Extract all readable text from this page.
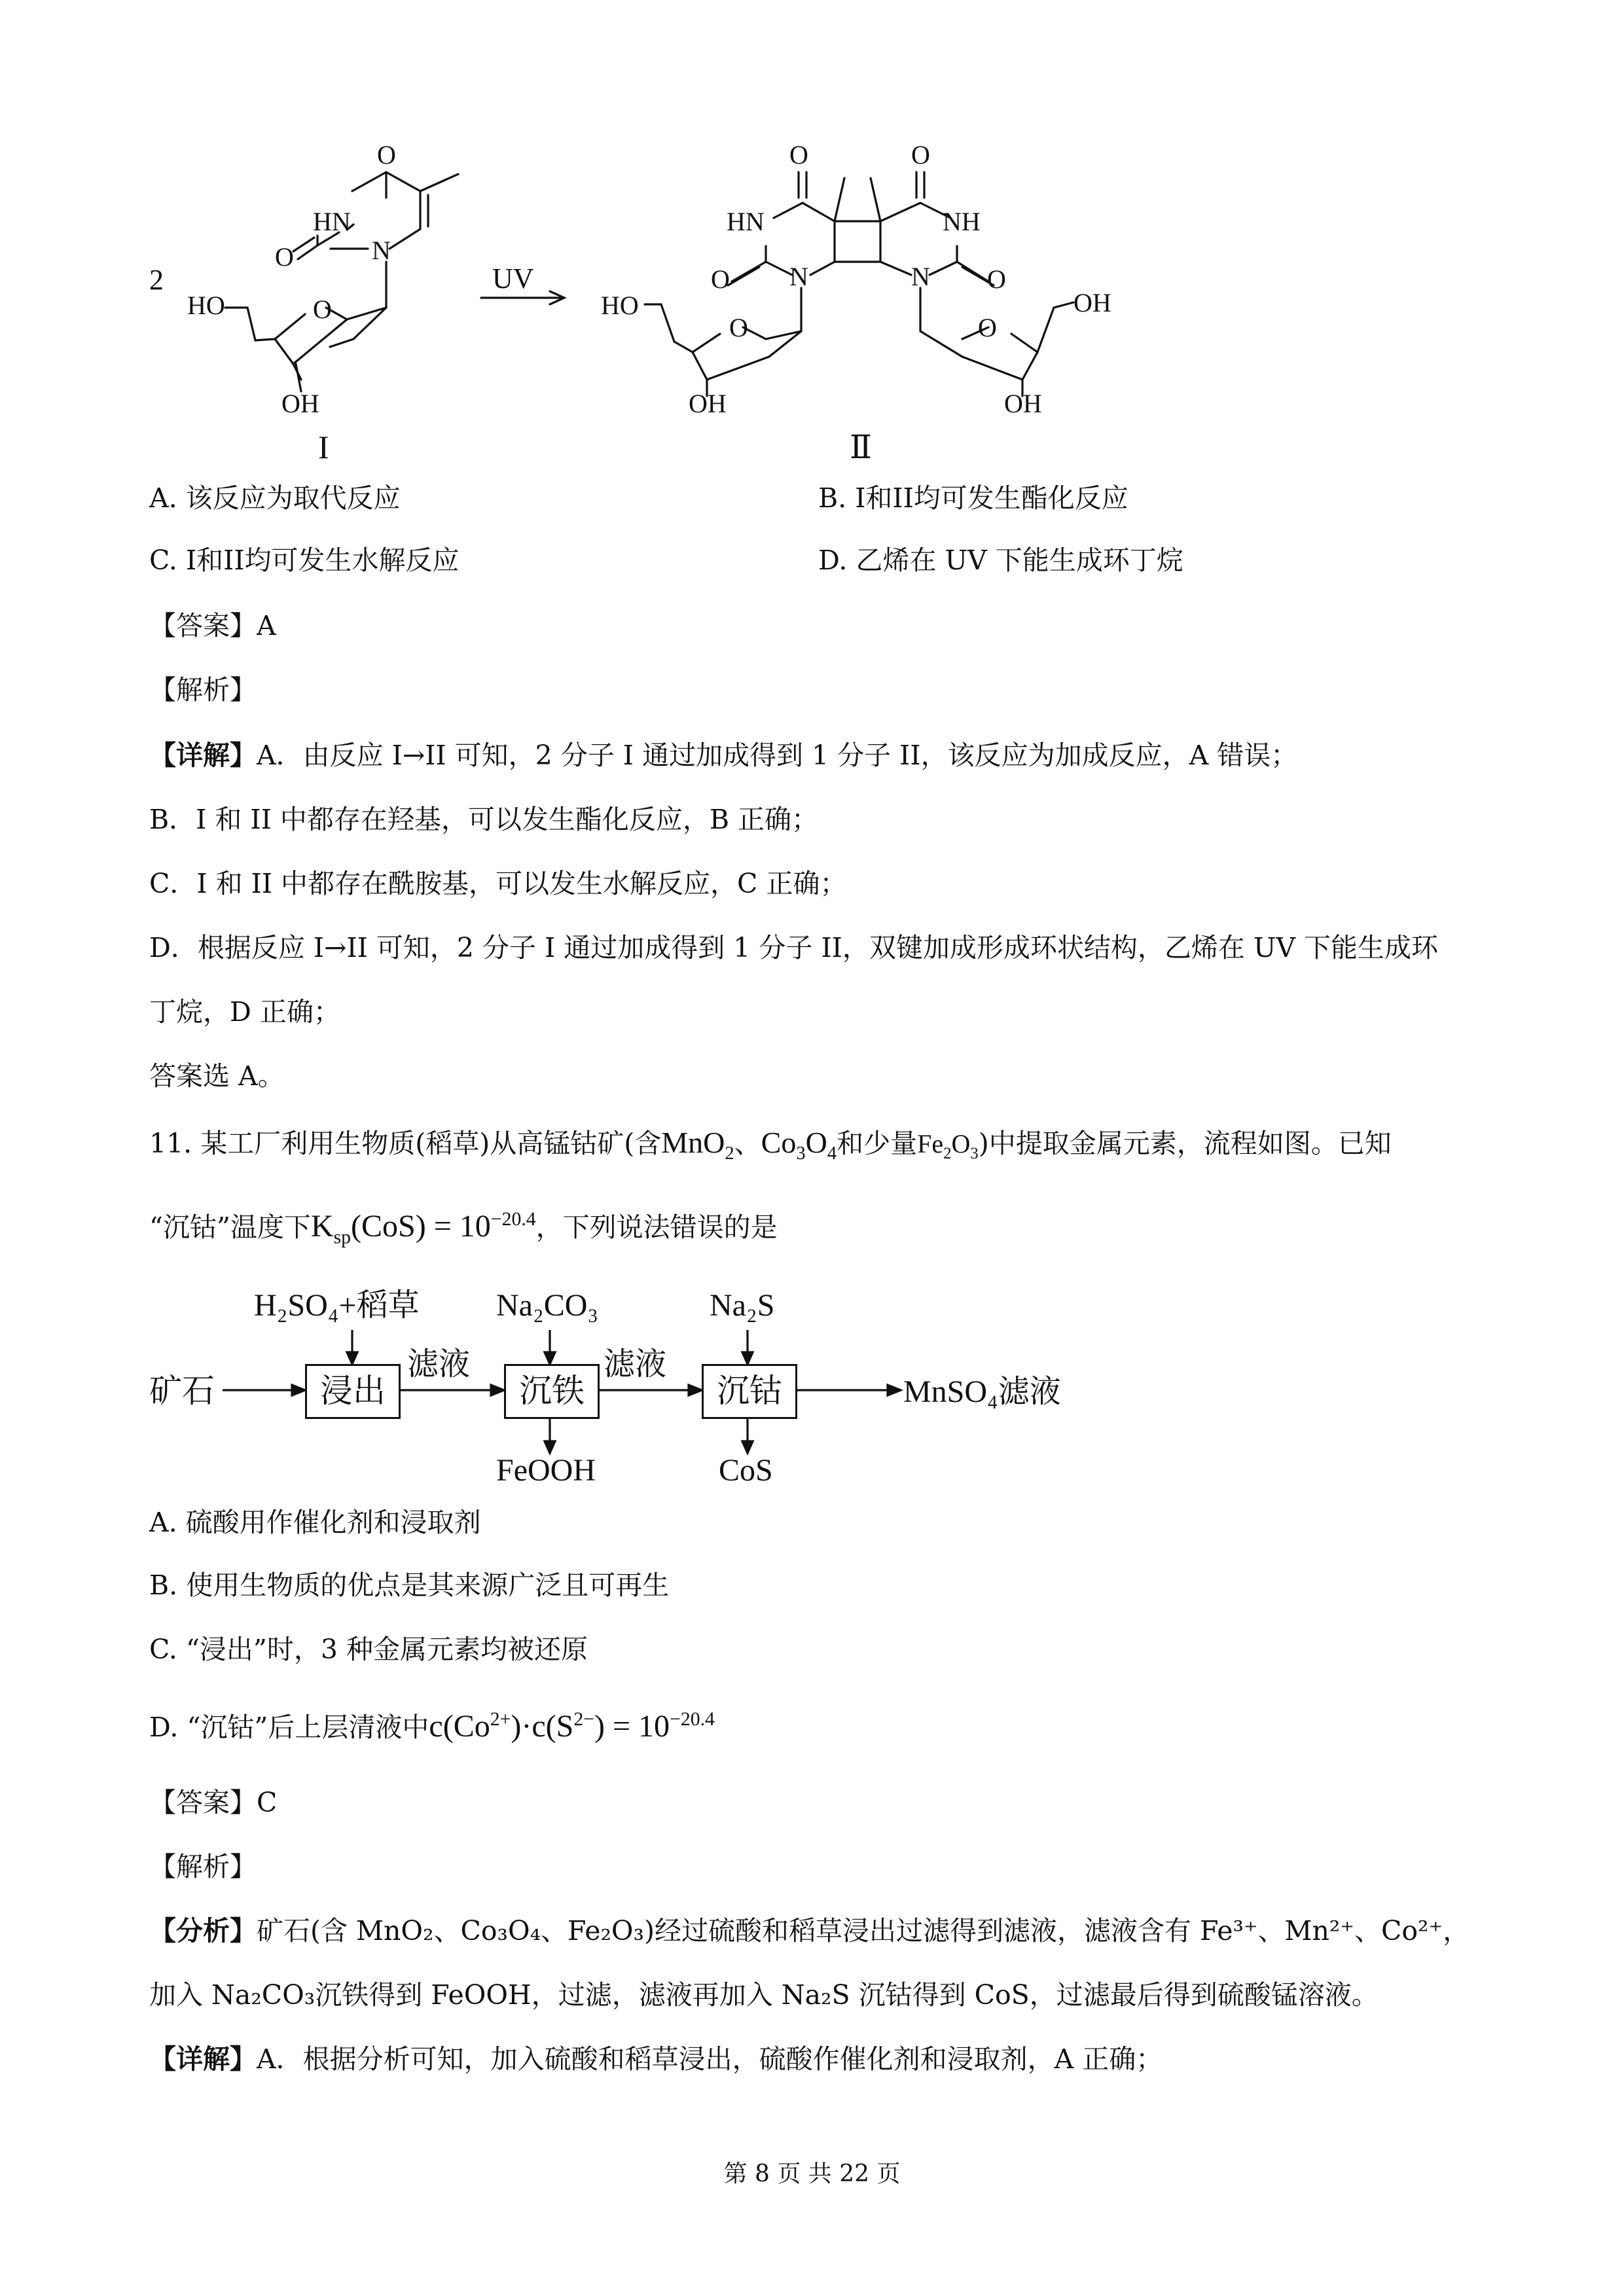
2
O
HN
O	N
HO	O
OH
I
UV
O	O
HN	NH
O N	N O
HO
O	O
OH
OH	OH
Ⅱ
A. 该反应为取代反应	B. I和II均可发生酯化反应
C. I和II均可发生水解反应	D. 乙烯在 UV 下能生成环丁烷
【答案】A
【解析】
【详解】A．由反应 I→II 可知，2 分子 I 通过加成得到 1 分子 II，该反应为加成反应，A 错误；
B．I 和 II 中都存在羟基，可以发生酯化反应，B 正确；
C．I 和 II 中都存在酰胺基，可以发生水解反应，C 正确；
D．根据反应 I→II 可知，2 分子 I 通过加成得到 1 分子 II，双键加成形成环状结构，乙烯在 UV 下能生成环
丁烷，D 正确；
答案选 A。
11. 某工厂利用生物质(稻草)从高锰钴矿(含MnO$_2$、$Co_3O_4$和少量$Fe_2O_3$)中提取金属元素，流程如图。已知
“沉钴”温度下$K_{sp}(CoS) = 10^{-20.4}$，下列说法错误的是
H₂SO₄+稻草 Na₂CO₃	Na₂S
矿石
滤液	滤液
MnSO₄滤液
FeOOH	CoS
浸出	沉铁	沉钴
A. 硫酸用作催化剂和浸取剂
B. 使用生物质的优点是其来源广泛且可再生
C. “浸出”时，3 种金属元素均被还原
D. “沉钴”后上层清液中$c(Co^{2+})\cdot c(S^{2-}) = 10^{-20.4}$
【答案】C
【解析】
【分析】矿石(含 MnO₂、Co₃O₄、Fe₂O₃)经过硫酸和稻草浸出过滤得到滤液，滤液含有 Fe³⁺、Mn²⁺、Co²⁺，
加入 Na₂CO₃沉铁得到 FeOOH，过滤，滤液再加入 Na₂S 沉钴得到 CoS，过滤最后得到硫酸锰溶液。
【详解】A．根据分析可知，加入硫酸和稻草浸出，硫酸作催化剂和浸取剂，A 正确；
第 8 页 共 22 页
